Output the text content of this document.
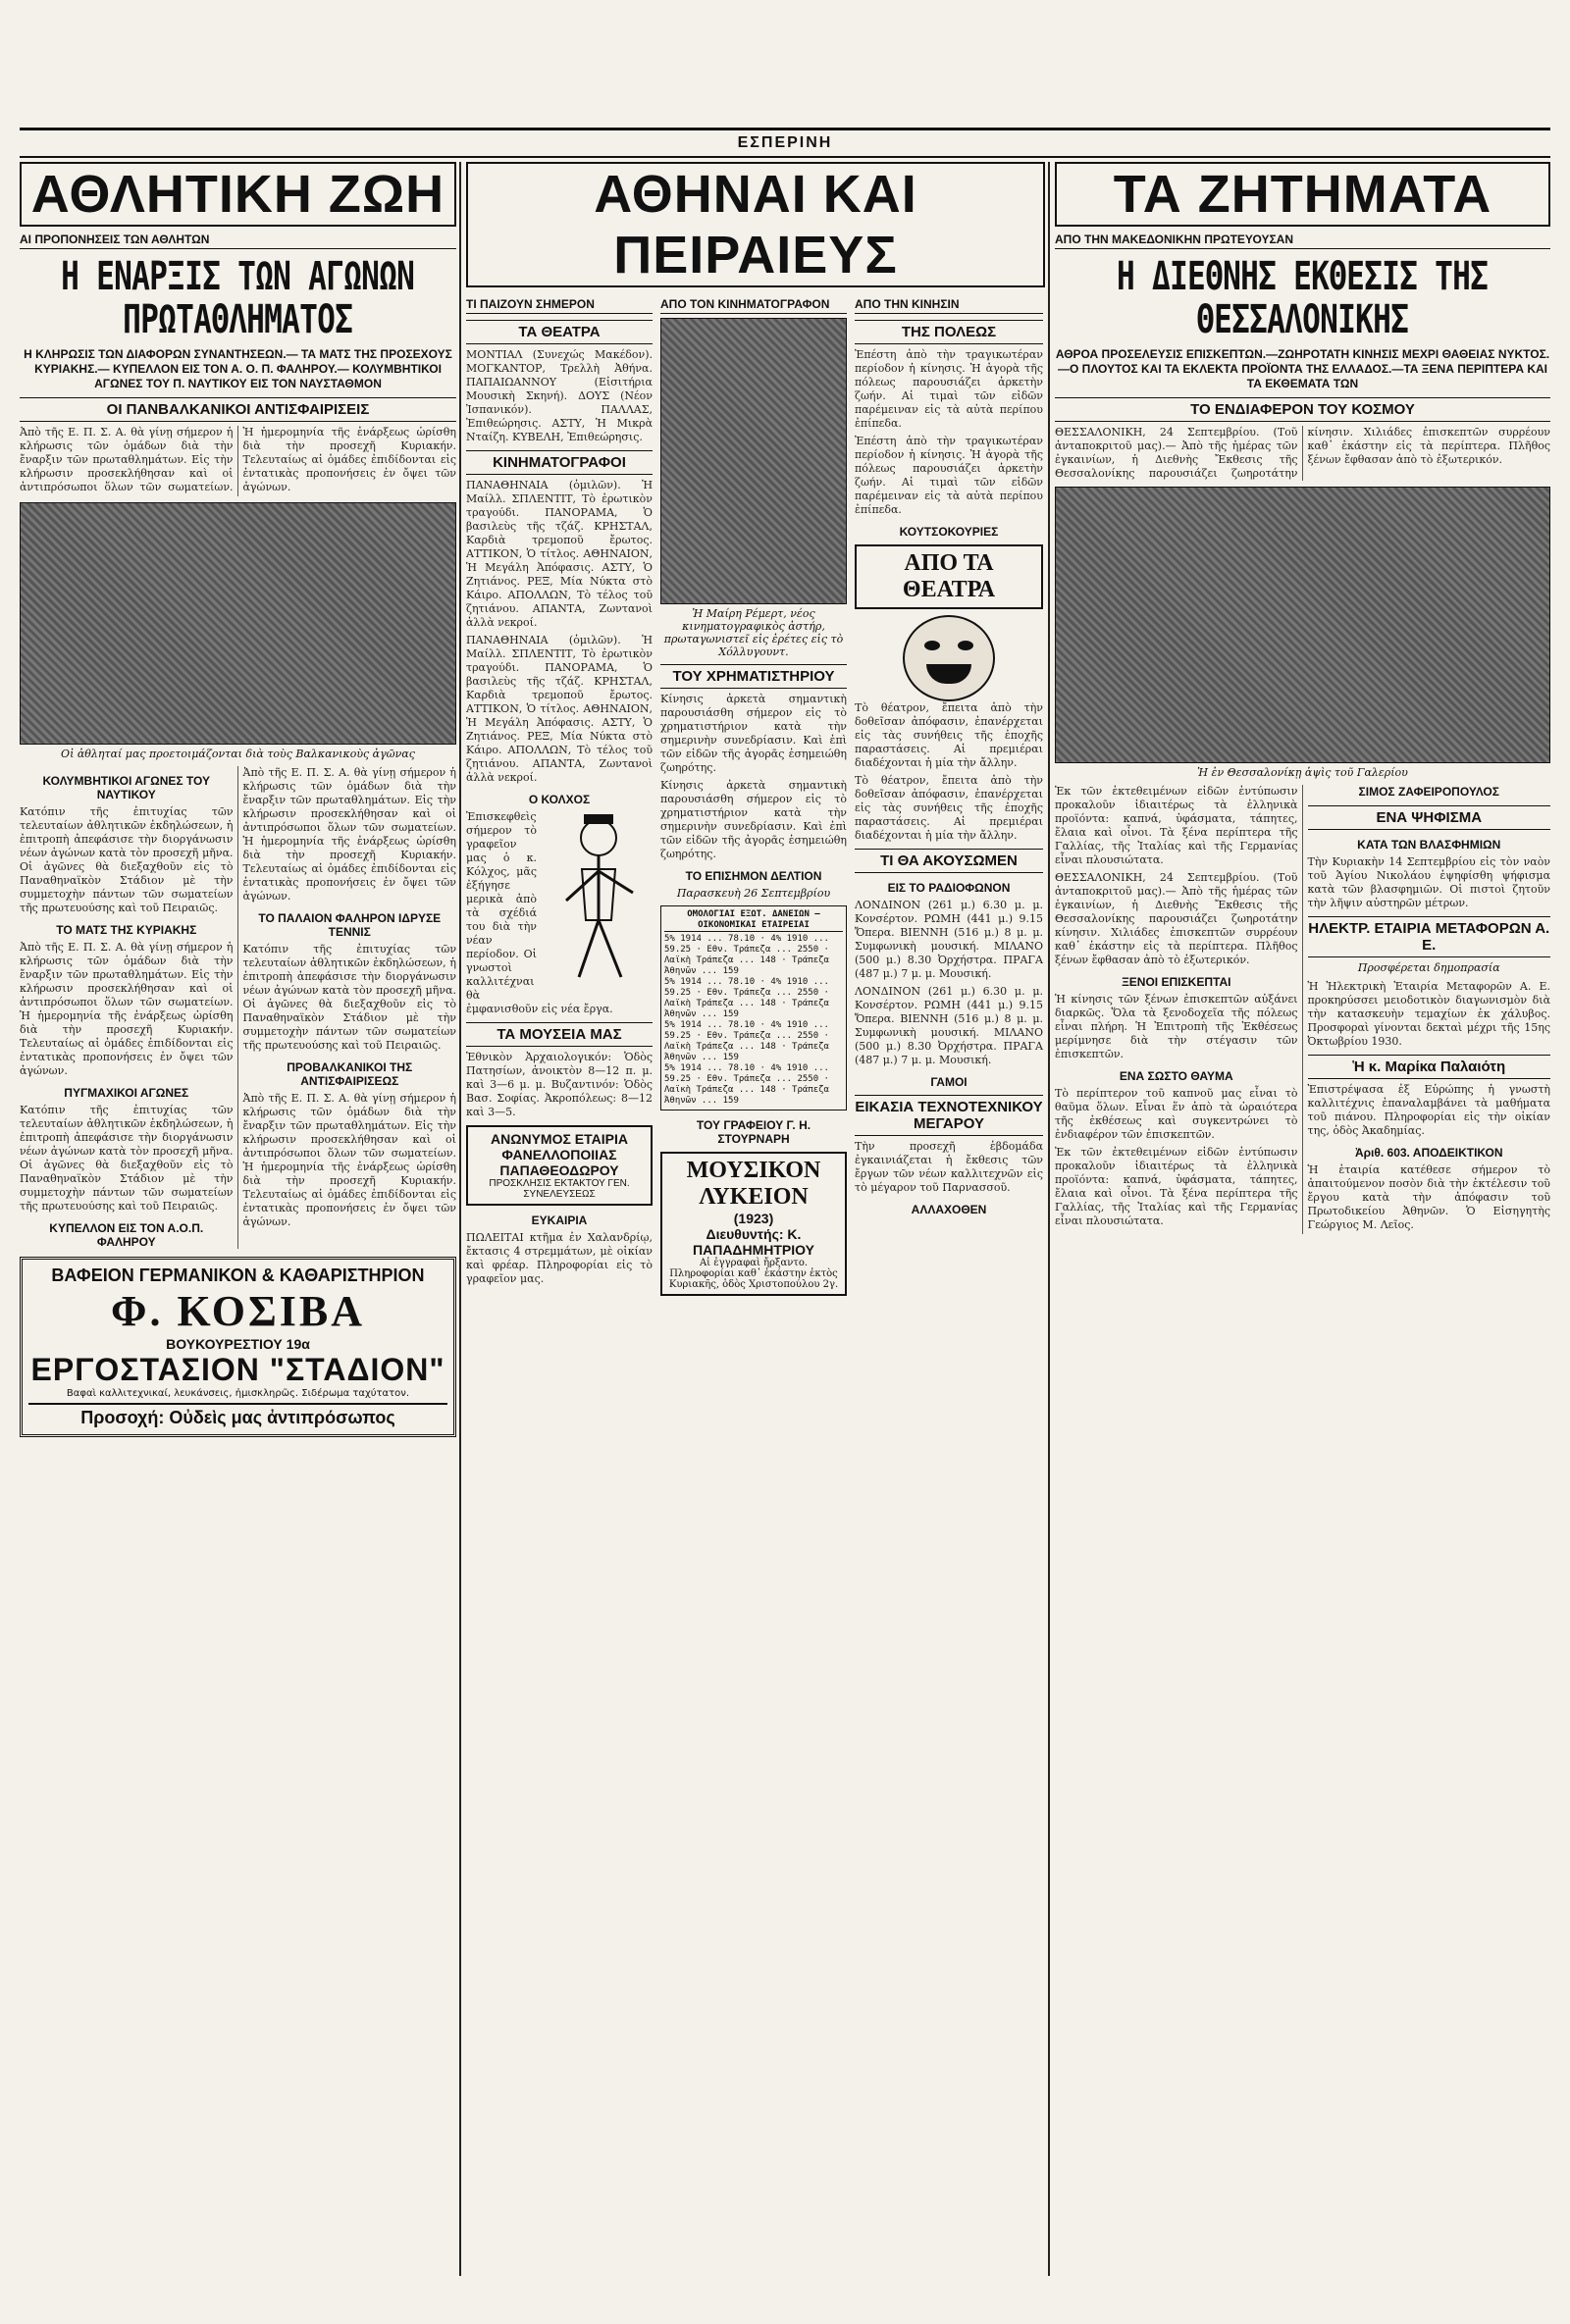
ΕΣΠΕΡΙΝΗ
ΑΘΛΗΤΙΚΗ ΖΩΗ
ΑΙ ΠΡΟΠΟΝΗΣΕΙΣ ΤΩΝ ΑΘΛΗΤΩΝ
Η ΕΝΑΡΞΙΣ ΤΩΝ ΑΓΩΝΩΝ ΠΡΩΤΑΘΛΗΜΑΤΟΣ
Η ΚΛΗΡΩΣΙΣ ΤΩΝ ΔΙΑΦΟΡΩΝ ΣΥΝΑΝΤΗΣΕΩΝ.— ΤΑ ΜΑΤΣ ΤΗΣ ΠΡΟΣΕΧΟΥΣ ΚΥΡΙΑΚΗΣ.— ΚΥΠΕΛΛΟΝ ΕΙΣ ΤΟΝ Α. Ο. Π. ΦΑΛΗΡΟΥ.— ΚΟΛΥΜΒΗΤΙΚΟΙ ΑΓΩΝΕΣ ΤΟΥ Π. ΝΑΥΤΙΚΟΥ ΕΙΣ ΤΟΝ ΝΑΥΣΤΑΘΜΟΝ
ΟΙ ΠΑΝΒΑΛΚΑΝΙΚΟΙ ΑΝΤΙΣΦΑΙΡΙΣΕΙΣ

Ἀπὸ τῆς Ε. Π. Σ. Α. θὰ γίνῃ σήμερον ἡ κλήρωσις τῶν ὁμάδων διὰ τὴν ἔναρξιν τῶν πρωταθλημάτων. Εἰς τὴν κλήρωσιν προσεκλήθησαν καὶ οἱ ἀντιπρόσωποι ὅλων τῶν σωματείων. Ἡ ἡμερομηνία τῆς ἐνάρξεως ὡρίσθη διὰ τὴν προσεχῆ Κυριακήν. Τελευταίως αἱ ὁμάδες ἐπιδίδονται εἰς ἐντατικὰς προπονήσεις ἐν ὄψει τῶν ἀγώνων.

Οἱ ἀθληταί μας προετοιμάζονται διὰ τοὺς Βαλκανικοὺς ἀγῶνας
ΚΟΛΥΜΒΗΤΙΚΟΙ ΑΓΩΝΕΣ ΤΟΥ ΝΑΥΤΙΚΟΥ

Κατόπιν τῆς ἐπιτυχίας τῶν τελευταίων ἀθλητικῶν ἐκδηλώσεων, ἡ ἐπιτροπὴ ἀπεφάσισε τὴν διοργάνωσιν νέων ἀγώνων κατὰ τὸν προσεχῆ μῆνα. Οἱ ἀγῶνες θὰ διεξαχθοῦν εἰς τὸ Παναθηναϊκὸν Στάδιον μὲ τὴν συμμετοχὴν πάντων τῶν σωματείων τῆς πρωτευούσης καὶ τοῦ Πειραιῶς.

ΤΟ ΜΑΤΣ ΤΗΣ ΚΥΡΙΑΚΗΣ

Ἀπὸ τῆς Ε. Π. Σ. Α. θὰ γίνῃ σήμερον ἡ κλήρωσις τῶν ὁμάδων διὰ τὴν ἔναρξιν τῶν πρωταθλημάτων. Εἰς τὴν κλήρωσιν προσεκλήθησαν καὶ οἱ ἀντιπρόσωποι ὅλων τῶν σωματείων. Ἡ ἡμερομηνία τῆς ἐνάρξεως ὡρίσθη διὰ τὴν προσεχῆ Κυριακήν. Τελευταίως αἱ ὁμάδες ἐπιδίδονται εἰς ἐντατικὰς προπονήσεις ἐν ὄψει τῶν ἀγώνων.

ΠΥΓΜΑΧΙΚΟΙ ΑΓΩΝΕΣ

Κατόπιν τῆς ἐπιτυχίας τῶν τελευταίων ἀθλητικῶν ἐκδηλώσεων, ἡ ἐπιτροπὴ ἀπεφάσισε τὴν διοργάνωσιν νέων ἀγώνων κατὰ τὸν προσεχῆ μῆνα. Οἱ ἀγῶνες θὰ διεξαχθοῦν εἰς τὸ Παναθηναϊκὸν Στάδιον μὲ τὴν συμμετοχὴν πάντων τῶν σωματείων τῆς πρωτευούσης καὶ τοῦ Πειραιῶς.

ΚΥΠΕΛΛΟΝ ΕΙΣ ΤΟΝ Α.Ο.Π. ΦΑΛΗΡΟΥ

Ἀπὸ τῆς Ε. Π. Σ. Α. θὰ γίνῃ σήμερον ἡ κλήρωσις τῶν ὁμάδων διὰ τὴν ἔναρξιν τῶν πρωταθλημάτων. Εἰς τὴν κλήρωσιν προσεκλήθησαν καὶ οἱ ἀντιπρόσωποι ὅλων τῶν σωματείων. Ἡ ἡμερομηνία τῆς ἐνάρξεως ὡρίσθη διὰ τὴν προσεχῆ Κυριακήν. Τελευταίως αἱ ὁμάδες ἐπιδίδονται εἰς ἐντατικὰς προπονήσεις ἐν ὄψει τῶν ἀγώνων.

ΤΟ ΠΑΛΑΙΟΝ ΦΑΛΗΡΟΝ ΙΔΡΥΣΕ ΤΕΝΝΙΣ

Κατόπιν τῆς ἐπιτυχίας τῶν τελευταίων ἀθλητικῶν ἐκδηλώσεων, ἡ ἐπιτροπὴ ἀπεφάσισε τὴν διοργάνωσιν νέων ἀγώνων κατὰ τὸν προσεχῆ μῆνα. Οἱ ἀγῶνες θὰ διεξαχθοῦν εἰς τὸ Παναθηναϊκὸν Στάδιον μὲ τὴν συμμετοχὴν πάντων τῶν σωματείων τῆς πρωτευούσης καὶ τοῦ Πειραιῶς.

ΠΡΟΒΑΛΚΑΝΙΚΟΙ ΤΗΣ ΑΝΤΙΣΦΑΙΡΙΣΕΩΣ

Ἀπὸ τῆς Ε. Π. Σ. Α. θὰ γίνῃ σήμερον ἡ κλήρωσις τῶν ὁμάδων διὰ τὴν ἔναρξιν τῶν πρωταθλημάτων. Εἰς τὴν κλήρωσιν προσεκλήθησαν καὶ οἱ ἀντιπρόσωποι ὅλων τῶν σωματείων. Ἡ ἡμερομηνία τῆς ἐνάρξεως ὡρίσθη διὰ τὴν προσεχῆ Κυριακήν. Τελευταίως αἱ ὁμάδες ἐπιδίδονται εἰς ἐντατικὰς προπονήσεις ἐν ὄψει τῶν ἀγώνων.

ΒΑΦΕΙΟΝ ΓΕΡΜΑΝΙΚΟΝ & ΚΑΘΑΡΙΣΤΗΡΙΟΝ
Φ. ΚΟΣΙΒΑ
ΒΟΥΚΟΥΡΕΣΤΙΟΥ 19α
ΕΡΓΟΣΤΑΣΙΟΝ "ΣΤΑΔΙΟΝ"
Βαφαὶ καλλιτεχνικαί, λευκάνσεις, ἡμισκληρῶς. Σιδέρωμα ταχύτατον.
Προσοχή: Οὐδεὶς μας ἀντιπρόσωπος
ΑΘΗΝΑΙ ΚΑΙ ΠΕΙΡΑΙΕΥΣ
ΤΙ ΠΑΙΖΟΥΝ ΣΗΜΕΡΟΝ
ΤΑ ΘΕΑΤΡΑ

ΜΟΝΤΙΑΛ (Συνεχώς Μακέδον). ΜΟΓΚΑΝΤΟΡ, Τρελλὴ Ἀθήνα. ΠΑΠΑΙΩΑΝΝΟΥ (Εἰσιτήρια Μουσικὴ Σκηνή). ΔΟΥΣ (Νέον Ἰσπανικόν). ΠΑΛΛΑΣ, Ἐπιθεώρησις. ΑΣΤΥ, Ἡ Μικρὰ Νταίζη. ΚΥΒΕΛΗ, Ἐπιθεώρησις.

ΚΙΝΗΜΑΤΟΓΡΑΦΟΙ

ΠΑΝΑΘΗΝΑΙΑ (ὁμιλῶν). Ἡ Μαίλλ. ΣΠΛΕΝΤΙΤ, Τὸ ἐρωτικὸν τραγούδι. ΠΑΝΟΡΑΜΑ, Ὁ βασιλεὺς τῆς τζάζ. ΚΡΗΣΤΑΛ, Καρδιὰ τρεμοποῦ ἔρωτος. ΑΤΤΙΚΟΝ, Ὁ τίτλος. ΑΘΗΝΑΙΟΝ, Ἡ Μεγάλη Ἀπόφασις. ΑΣΤΥ, Ὁ Ζητιάνος. ΡΕΞ, Μία Νύκτα στὸ Κάιρο. ΑΠΟΛΛΩΝ, Τὸ τέλος τοῦ ζητιάνου. ΑΠΑΝΤΑ, Ζωντανοὶ ἀλλὰ νεκροί.

ΠΑΝΑΘΗΝΑΙΑ (ὁμιλῶν). Ἡ Μαίλλ. ΣΠΛΕΝΤΙΤ, Τὸ ἐρωτικὸν τραγούδι. ΠΑΝΟΡΑΜΑ, Ὁ βασιλεὺς τῆς τζάζ. ΚΡΗΣΤΑΛ, Καρδιὰ τρεμοποῦ ἔρωτος. ΑΤΤΙΚΟΝ, Ὁ τίτλος. ΑΘΗΝΑΙΟΝ, Ἡ Μεγάλη Ἀπόφασις. ΑΣΤΥ, Ὁ Ζητιάνος. ΡΕΞ, Μία Νύκτα στὸ Κάιρο. ΑΠΟΛΛΩΝ, Τὸ τέλος τοῦ ζητιάνου. ΑΠΑΝΤΑ, Ζωντανοὶ ἀλλὰ νεκροί.

Ο ΚΟΛΧΟΣ

Ἐπισκεφθεὶς σήμερον τὸ γραφεῖον μας ὁ κ. Κόλχος, μᾶς ἐξήγησε μερικὰ ἀπὸ τὰ σχέδιά του διὰ τὴν νέαν περίοδον. Οἱ γνωστοὶ καλλιτέχναι θὰ ἐμφανισθοῦν εἰς νέα ἔργα.

ΤΑ ΜΟΥΣΕΙΑ ΜΑΣ

Ἐθνικὸν Ἀρχαιολογικόν: Ὁδὸς Πατησίων, ἀνοικτὸν 8—12 π. μ. καὶ 3—6 μ. μ. Βυζαντινόν: Ὁδὸς Βασ. Σοφίας. Ἀκροπόλεως: 8—12 καὶ 3—5.

ΑΝΩΝΥΜΟΣ ΕΤΑΙΡΙΑ ΦΑΝΕΛΛΟΠΟΙΙΑΣ ΠΑΠΑΘΕΟΔΩΡΟΥ
ΠΡΟΣΚΛΗΣΙΣ ΕΚΤΑΚΤΟΥ ΓΕΝ. ΣΥΝΕΛΕΥΣΕΩΣ
ΕΥΚΑΙΡΙΑ

ΠΩΛΕΙΤΑΙ κτῆμα ἐν Χαλανδρίῳ, ἔκτασις 4 στρεμμάτων, μὲ οἰκίαν καὶ φρέαρ. Πληροφορίαι εἰς τὸ γραφεῖον μας.

ΑΠΟ ΤΟΝ ΚΙΝΗΜΑΤΟΓΡΑΦΟΝ
Ἡ Μαίρη Ρέμερτ, νέος κινηματογραφικὸς ἀστήρ, πρωταγωνιστεῖ εἰς ἐρέτες εἰς τὸ Χόλλυγουντ.
ΤΟΥ ΧΡΗΜΑΤΙΣΤΗΡΙΟΥ

Κίνησις ἀρκετὰ σημαντικὴ παρουσιάσθη σήμερον εἰς τὸ χρηματιστήριον κατὰ τὴν σημερινὴν συνεδρίασιν. Καὶ ἐπὶ τῶν εἰδῶν τῆς ἀγορᾶς ἐσημειώθη ζωηρότης.

Κίνησις ἀρκετὰ σημαντικὴ παρουσιάσθη σήμερον εἰς τὸ χρηματιστήριον κατὰ τὴν σημερινὴν συνεδρίασιν. Καὶ ἐπὶ τῶν εἰδῶν τῆς ἀγορᾶς ἐσημειώθη ζωηρότης.

ΤΟ ΕΠΙΣΗΜΟΝ ΔΕΛΤΙΟΝ
Παρασκευὴ 26 Σεπτεμβρίου
ΟΜΟΛΟΓΙΑΙ ΕΞΩΤ. ΔΑΝΕΙΩΝ — ΟΙΚΟΝΟΜΙΚΑΙ ΕΤΑΙΡΕΙΑΙ
5% 1914 ... 78.10 · 4% 1910 ... 59.25 · Εθν. Τράπεζα ... 2550 · Λαϊκὴ Τράπεζα ... 148 · Τράπεζα Ἀθηνῶν ... 159
5% 1914 ... 78.10 · 4% 1910 ... 59.25 · Εθν. Τράπεζα ... 2550 · Λαϊκὴ Τράπεζα ... 148 · Τράπεζα Ἀθηνῶν ... 159
5% 1914 ... 78.10 · 4% 1910 ... 59.25 · Εθν. Τράπεζα ... 2550 · Λαϊκὴ Τράπεζα ... 148 · Τράπεζα Ἀθηνῶν ... 159
5% 1914 ... 78.10 · 4% 1910 ... 59.25 · Εθν. Τράπεζα ... 2550 · Λαϊκὴ Τράπεζα ... 148 · Τράπεζα Ἀθηνῶν ... 159
ΤΟΥ ΓΡΑΦΕΙΟΥ Γ. Η. ΣΤΟΥΡΝΑΡΗ
ΜΟΥΣΙΚΟΝ ΛΥΚΕΙΟΝ
(1923)
Διευθυντής: Κ. ΠΑΠΑΔΗΜΗΤΡΙΟΥ
Αἱ ἐγγραφαὶ ἤρξαντο. Πληροφορίαι καθ᾽ ἑκάστην ἐκτὸς Κυριακῆς, ὁδὸς Χριστοπούλου 2γ.
ΑΠΟ ΤΗΝ ΚΙΝΗΣΙΝ
ΤΗΣ ΠΟΛΕΩΣ

Ἐπέστη ἀπὸ τὴν τραγικωτέραν περίοδον ἡ κίνησις. Ἡ ἀγορὰ τῆς πόλεως παρουσιάζει ἀρκετὴν ζωήν. Αἱ τιμαὶ τῶν εἰδῶν παρέμειναν εἰς τὰ αὐτὰ περίπου ἐπίπεδα.

Ἐπέστη ἀπὸ τὴν τραγικωτέραν περίοδον ἡ κίνησις. Ἡ ἀγορὰ τῆς πόλεως παρουσιάζει ἀρκετὴν ζωήν. Αἱ τιμαὶ τῶν εἰδῶν παρέμειναν εἰς τὰ αὐτὰ περίπου ἐπίπεδα.

ΚΟΥΤΣΟΚΟΥΡΙΕΣ
ΑΠΟ ΤΑ ΘΕΑΤΡΑ

Τὸ θέατρον, ἔπειτα ἀπὸ τὴν δοθεῖσαν ἀπόφασιν, ἐπανέρχεται εἰς τὰς συνήθεις τῆς ἐποχῆς παραστάσεις. Αἱ πρεμιέραι διαδέχονται ἡ μία τὴν ἄλλην.

Τὸ θέατρον, ἔπειτα ἀπὸ τὴν δοθεῖσαν ἀπόφασιν, ἐπανέρχεται εἰς τὰς συνήθεις τῆς ἐποχῆς παραστάσεις. Αἱ πρεμιέραι διαδέχονται ἡ μία τὴν ἄλλην.

ΤΙ ΘΑ ΑΚΟΥΣΩΜΕΝ
ΕΙΣ ΤΟ ΡΑΔΙΟΦΩΝΟΝ

ΛΟΝΔΙΝΟΝ (261 μ.) 6.30 μ. μ. Κονσέρτον. ΡΩΜΗ (441 μ.) 9.15 Ὄπερα. ΒΙΕΝΝΗ (516 μ.) 8 μ. μ. Συμφωνικὴ μουσική. ΜΙΛΑΝΟ (500 μ.) 8.30 Ὀρχήστρα. ΠΡΑΓΑ (487 μ.) 7 μ. μ. Μουσική.

ΛΟΝΔΙΝΟΝ (261 μ.) 6.30 μ. μ. Κονσέρτον. ΡΩΜΗ (441 μ.) 9.15 Ὄπερα. ΒΙΕΝΝΗ (516 μ.) 8 μ. μ. Συμφωνικὴ μουσική. ΜΙΛΑΝΟ (500 μ.) 8.30 Ὀρχήστρα. ΠΡΑΓΑ (487 μ.) 7 μ. μ. Μουσική.

ΓΑΜΟΙ
ΕΙΚΑΣΙΑ ΤΕΧΝΟΤΕΧΝΙΚΟΥ ΜΕΓΑΡΟΥ

Τὴν προσεχῆ ἑβδομάδα ἐγκαινιάζεται ἡ ἔκθεσις τῶν ἔργων τῶν νέων καλλιτεχνῶν εἰς τὸ μέγαρον τοῦ Παρνασσοῦ.

ΑΛΛΑΧΟΘΕΝ
ΤΑ ΖΗΤΗΜΑΤΑ
ΑΠΟ ΤΗΝ ΜΑΚΕΔΟΝΙΚΗΝ ΠΡΩΤΕΥΟΥΣΑΝ
Η ΔΙΕΘΝΗΣ ΕΚΘΕΣΙΣ ΤΗΣ ΘΕΣΣΑΛΟΝΙΚΗΣ
ΑΘΡΟΑ ΠΡΟΣΕΛΕΥΣΙΣ ΕΠΙΣΚΕΠΤΩΝ.—ΖΩΗΡΟΤΑΤΗ ΚΙΝΗΣΙΣ ΜΕΧΡΙ ΘΑΘΕΙΑΣ ΝΥΚΤΟΣ.—Ο ΠΛΟΥΤΟΣ ΚΑΙ ΤΑ ΕΚΛΕΚΤΑ ΠΡΟΪΟΝΤΑ ΤΗΣ ΕΛΛΑΔΟΣ.—ΤΑ ΞΕΝΑ ΠΕΡΙΠΤΕΡΑ ΚΑΙ ΤΑ ΕΚΘΕΜΑΤΑ ΤΩΝ
ΤΟ ΕΝΔΙΑΦΕΡΟΝ ΤΟΥ ΚΟΣΜΟΥ

ΘΕΣΣΑΛΟΝΙΚΗ, 24 Σεπτεμβρίου. (Τοῦ ἀνταποκριτοῦ μας).— Ἀπὸ τῆς ἡμέρας τῶν ἐγκαινίων, ἡ Διεθνὴς Ἔκθεσις τῆς Θεσσαλονίκης παρουσιάζει ζωηροτάτην κίνησιν. Χιλιάδες ἐπισκεπτῶν συρρέουν καθ᾽ ἑκάστην εἰς τὰ περίπτερα. Πλῆθος ξένων ἔφθασαν ἀπὸ τὸ ἐξωτερικόν.

Ἡ ἐν Θεσσαλονίκῃ ἁψὶς τοῦ Γαλερίου

Ἐκ τῶν ἐκτεθειμένων εἰδῶν ἐντύπωσιν προκαλοῦν ἰδιαιτέρως τὰ ἐλληνικὰ προϊόντα: καπνά, ὑφάσματα, τάπητες, ἔλαια καὶ οἶνοι. Τὰ ξένα περίπτερα τῆς Γαλλίας, τῆς Ἰταλίας καὶ τῆς Γερμανίας εἶναι πλουσιώτατα.

ΘΕΣΣΑΛΟΝΙΚΗ, 24 Σεπτεμβρίου. (Τοῦ ἀνταποκριτοῦ μας).— Ἀπὸ τῆς ἡμέρας τῶν ἐγκαινίων, ἡ Διεθνὴς Ἔκθεσις τῆς Θεσσαλονίκης παρουσιάζει ζωηροτάτην κίνησιν. Χιλιάδες ἐπισκεπτῶν συρρέουν καθ᾽ ἑκάστην εἰς τὰ περίπτερα. Πλῆθος ξένων ἔφθασαν ἀπὸ τὸ ἐξωτερικόν.

ΞΕΝΟΙ ΕΠΙΣΚΕΠΤΑΙ

Ἡ κίνησις τῶν ξένων ἐπισκεπτῶν αὐξάνει διαρκῶς. Ὅλα τὰ ξενοδοχεῖα τῆς πόλεως εἶναι πλήρη. Ἡ Ἐπιτροπὴ τῆς Ἐκθέσεως μερίμνησε διὰ τὴν στέγασιν τῶν ἐπισκεπτῶν.

ΕΝΑ ΣΩΣΤΟ ΘΑΥΜΑ

Τὸ περίπτερον τοῦ καπνοῦ μας εἶναι τὸ θαῦμα ὅλων. Εἶναι ἕν ἀπὸ τὰ ὡραιότερα τῆς ἐκθέσεως καὶ συγκεντρώνει τὸ ἐνδιαφέρον τῶν ἐπισκεπτῶν.

Ἐκ τῶν ἐκτεθειμένων εἰδῶν ἐντύπωσιν προκαλοῦν ἰδιαιτέρως τὰ ἐλληνικὰ προϊόντα: καπνά, ὑφάσματα, τάπητες, ἔλαια καὶ οἶνοι. Τὰ ξένα περίπτερα τῆς Γαλλίας, τῆς Ἰταλίας καὶ τῆς Γερμανίας εἶναι πλουσιώτατα.

ΣΙΜΟΣ ΖΑΦΕΙΡΟΠΟΥΛΟΣ
ΕΝΑ ΨΗΦΙΣΜΑ
ΚΑΤΑ ΤΩΝ ΒΛΑΣΦΗΜΙΩΝ

Τὴν Κυριακὴν 14 Σεπτεμβρίου εἰς τὸν ναὸν τοῦ Ἁγίου Νικολάου ἐψηφίσθη ψήφισμα κατὰ τῶν βλασφημιῶν. Οἱ πιστοὶ ζητοῦν τὴν λῆψιν αὐστηρῶν μέτρων.

ΗΛΕΚΤΡ. ΕΤΑΙΡΙΑ ΜΕΤΑΦΟΡΩΝ Α. Ε.
Προσφέρεται δημοπρασία

Ἡ Ἠλεκτρικὴ Ἑταιρία Μεταφορῶν Α. Ε. προκηρύσσει μειοδοτικὸν διαγωνισμὸν διὰ τὴν κατασκευὴν τεμαχίων ἐκ χάλυβος. Προσφοραὶ γίνονται δεκταὶ μέχρι τῆς 15ης Ὀκτωβρίου 1930.

Ἡ κ. Μαρίκα Παλαιότη

Ἐπιστρέψασα ἐξ Εὐρώπης ἡ γνωστὴ καλλιτέχνις ἐπαναλαμβάνει τὰ μαθήματα τοῦ πιάνου. Πληροφορίαι εἰς τὴν οἰκίαν της, ὁδὸς Ἀκαδημίας.

Ἀριθ. 603. ΑΠΟΔΕΙΚΤΙΚΟΝ

Ἡ ἑταιρία κατέθεσε σήμερον τὸ ἀπαιτούμενον ποσὸν διὰ τὴν ἐκτέλεσιν τοῦ ἔργου κατὰ τὴν ἀπόφασιν τοῦ Πρωτοδικείου Ἀθηνῶν. Ὁ Εἰσηγητὴς Γεώργιος Μ. Λεῖος.
